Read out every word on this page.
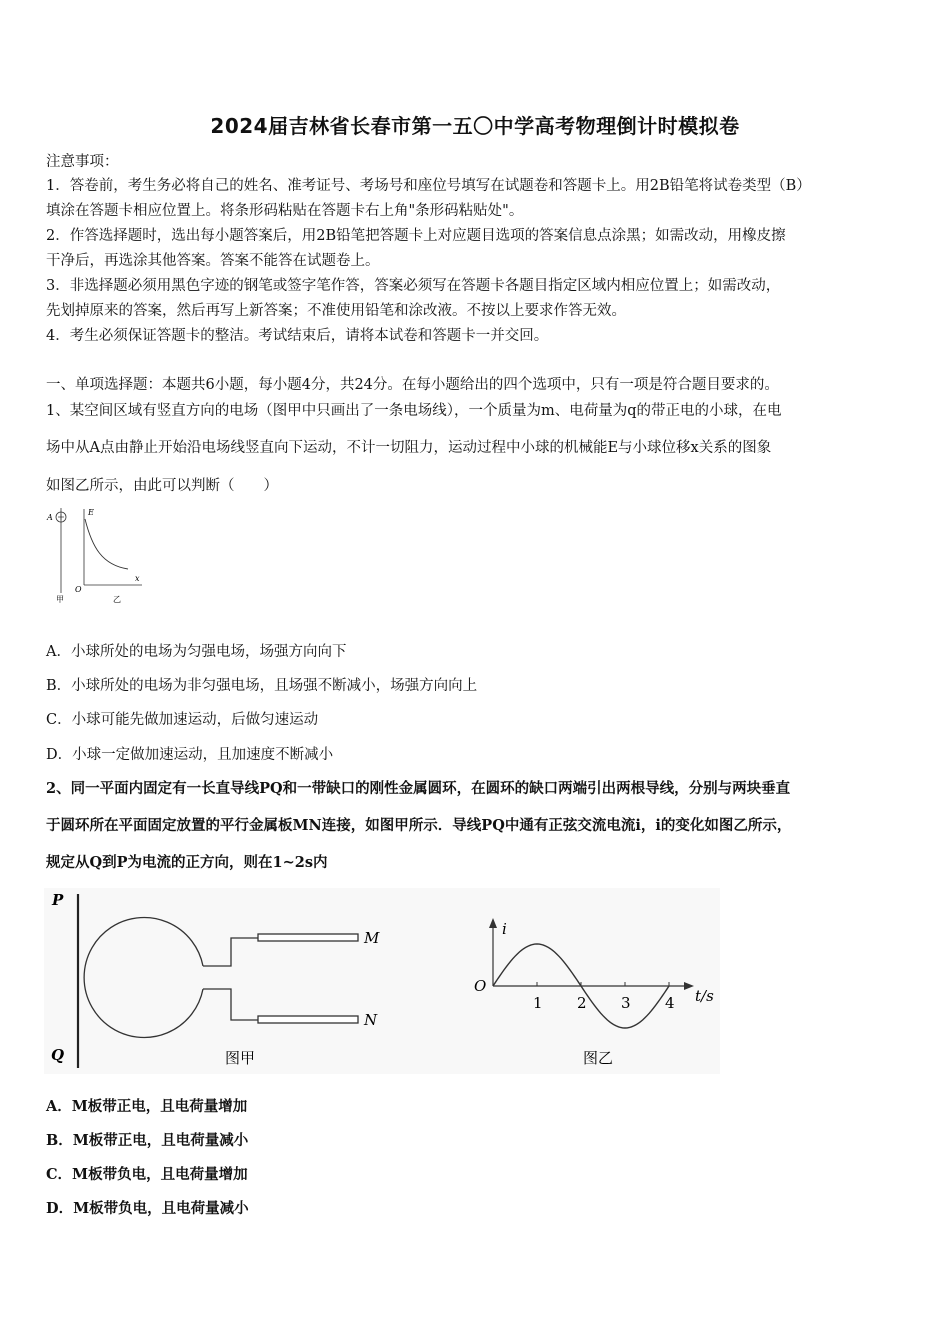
2024届吉林省长春市第一五〇中学高考物理倒计时模拟卷
注意事项：
1．答卷前，考生务必将自己的姓名、准考证号、考场号和座位号填写在试题卷和答题卡上。用2B铅笔将试卷类型（B）
填涂在答题卡相应位置上。将条形码粘贴在答题卡右上角"条形码粘贴处"。
2．作答选择题时，选出每小题答案后，用2B铅笔把答题卡上对应题目选项的答案信息点涂黑；如需改动，用橡皮擦
干净后，再选涂其他答案。答案不能答在试题卷上。
3．非选择题必须用黑色字迹的钢笔或签字笔作答，答案必须写在答题卡各题目指定区域内相应位置上；如需改动，
先划掉原来的答案，然后再写上新答案；不准使用铅笔和涂改液。不按以上要求作答无效。
4．考生必须保证答题卡的整洁。考试结束后，请将本试卷和答题卡一并交回。
一、单项选择题：本题共6小题，每小题4分，共24分。在每小题给出的四个选项中，只有一项是符合题目要求的。
1、某空间区域有竖直方向的电场（图甲中只画出了一条电场线），一个质量为m、电荷量为q的带正电的小球，在电
场中从A点由静止开始沿电场线竖直向下运动，不计一切阻力，运动过程中小球的机械能E与小球位移x关系的图象
如图乙所示，由此可以判断（　　）
A
甲
E
O
x
乙
A．小球所处的电场为匀强电场，场强方向向下
B．小球所处的电场为非匀强电场，且场强不断减小，场强方向向上
C．小球可能先做加速运动，后做匀速运动
D．小球一定做加速运动，且加速度不断减小
2、同一平面内固定有一长直导线PQ和一带缺口的刚性金属圆环，在圆环的缺口两端引出两根导线，分别与两块垂直
于圆环所在平面固定放置的平行金属板MN连接，如图甲所示．导线PQ中通有正弦交流电流i，i的变化如图乙所示，
规定从Q到P为电流的正方向，则在1~2s内
P
Q
M
N
图甲
i
O
t/s
1 2 3 4
图乙
A．M板带正电，且电荷量增加
B．M板带正电，且电荷量减小
C．M板带负电，且电荷量增加
D．M板带负电，且电荷量减小
